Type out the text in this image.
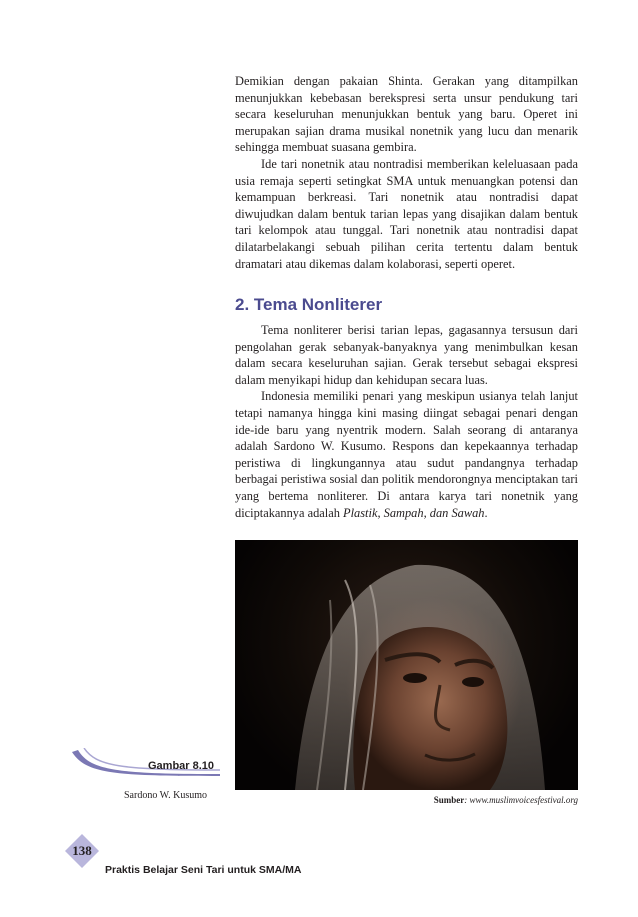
Demikian dengan pakaian Shinta. Gerakan yang ditampilkan menunjukkan kebebasan berekspresi serta unsur pendukung tari secara keseluruhan menunjukkan bentuk yang baru. Operet ini merupakan sajian drama musikal nonetnik yang lucu dan menarik sehingga membuat suasana gembira.

Ide tari nonetnik atau nontradisi memberikan keleluasaan pada usia remaja seperti setingkat SMA untuk menuangkan potensi dan kemampuan berkreasi. Tari nonetnik atau nontradisi dapat diwujudkan dalam bentuk tarian lepas yang disajikan dalam bentuk tari kelompok atau tunggal. Tari nonetnik atau nontradisi dapat dilatarbelakangi sebuah pilihan cerita tertentu dalam bentuk dramatari atau dikemas dalam kolaborasi, seperti operet.

2. Tema Nonliterer

Tema nonliterer berisi tarian lepas, gagasannya tersusun dari pengolahan gerak sebanyak-banyaknya yang menimbulkan kesan dalam secara keseluruhan sajian. Gerak tersebut sebagai ekspresi dalam menyikapi hidup dan kehidupan secara luas.

Indonesia memiliki penari yang meskipun usianya telah lanjut tetapi namanya hingga kini masing diingat sebagai penari dengan ide-ide baru yang nyentrik modern. Salah seorang di antaranya adalah Sardono W. Kusumo. Respons dan kepekaannya terhadap peristiwa di lingkungannya atau sudut pandangnya terhadap berbagai peristiwa sosial dan politik mendorongnya menciptakan tari yang bertema nonliterer. Di antara karya tari nonetnik yang diciptakannya adalah Plastik, Sampah, dan Sawah.

Sumber: www.muslimvoicesfestival.org
Gambar 8.10
Sardono W. Kusumo
138
Praktis Belajar Seni Tari untuk SMA/MA
